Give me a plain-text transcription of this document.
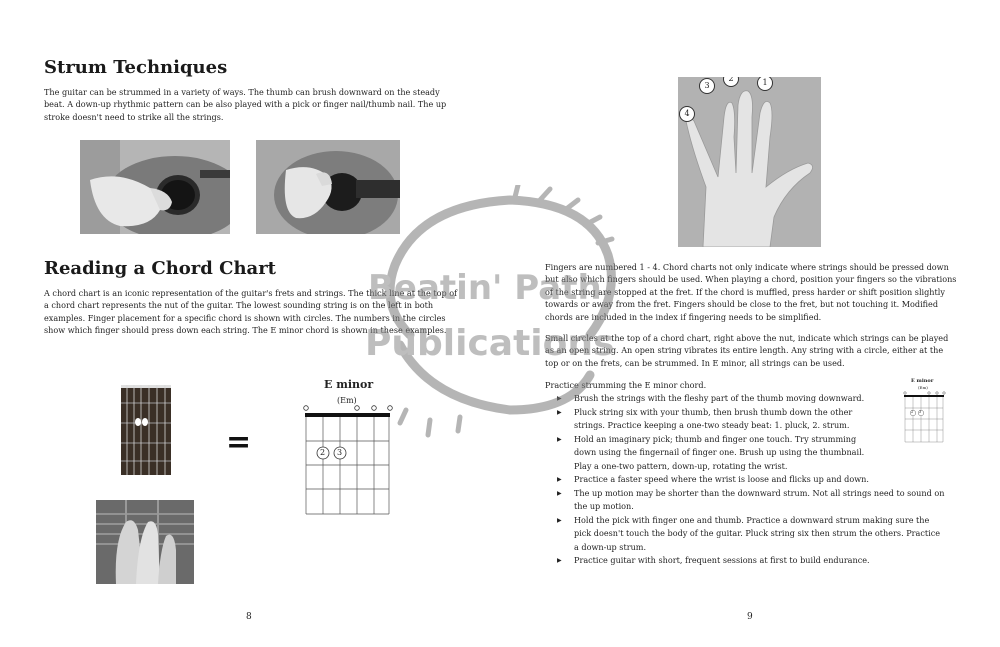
Strum Techniques

The guitar can be strummed in a variety of ways. The thumb can brush downward on the steady beat. A down-up rhythmic pattern can be also played with a pick or finger nail/thumb nail. The up stroke doesn't need to strike all the strings.

Reading a Chord Chart

A chord chart is an iconic representation of the guitar's frets and strings. The thick line at the top of a chord chart represents the nut of the guitar. The lowest sounding string is on the left in both examples. Finger placement for a specific chord is shown with circles. The numbers in the circles show which finger should press down each string. The E minor chord is shown in these examples.

=
E minor
(Em)
2 3
8
1
2
3
4

Fingers are numbered 1 - 4. Chord charts not only indicate where strings should be pressed down but also which fingers should be used. When playing a chord, position your fingers so the vibrations of the string are stopped at the fret. If the chord is muffled, press harder or shift position slightly towards or away from the fret. Fingers should be close to the fret, but not touching it. Modified chords are included in the index if fingering needs to be simplified.

Small circles at the top of a chord chart, right above the nut, indicate which strings can be played as an open string. An open string vibrates its entire length. Any string with a circle, either at the top or on the frets, can be strummed. In E minor, all strings can be used.

Practice strumming the E minor chord.

▶ Brush the strings with the fleshy part of the thumb moving downward.
▶ Pluck string six with your thumb, then brush thumb down the other strings. Practice keeping a one-two steady beat: 1. pluck, 2. strum.
▶ Hold an imaginary pick; thumb and finger one touch. Try strumming down using the fingernail of finger one. Brush up using the thumbnail. Play a one-two pattern, down-up, rotating the wrist.
▶ Practice a faster speed where the wrist is loose and flicks up and down.
▶ The up motion may be shorter than the downward strum. Not all strings need to sound on the up motion.
▶ Hold the pick with finger one and thumb. Practice a downward strum making sure the pick doesn't touch the body of the guitar. Pluck string six then strum the others. Practice a down-up strum.
▶ Practice guitar with short, frequent sessions at first to build endurance.
E minor
(Em)
2 3
9
Beatin' Path
Publications
